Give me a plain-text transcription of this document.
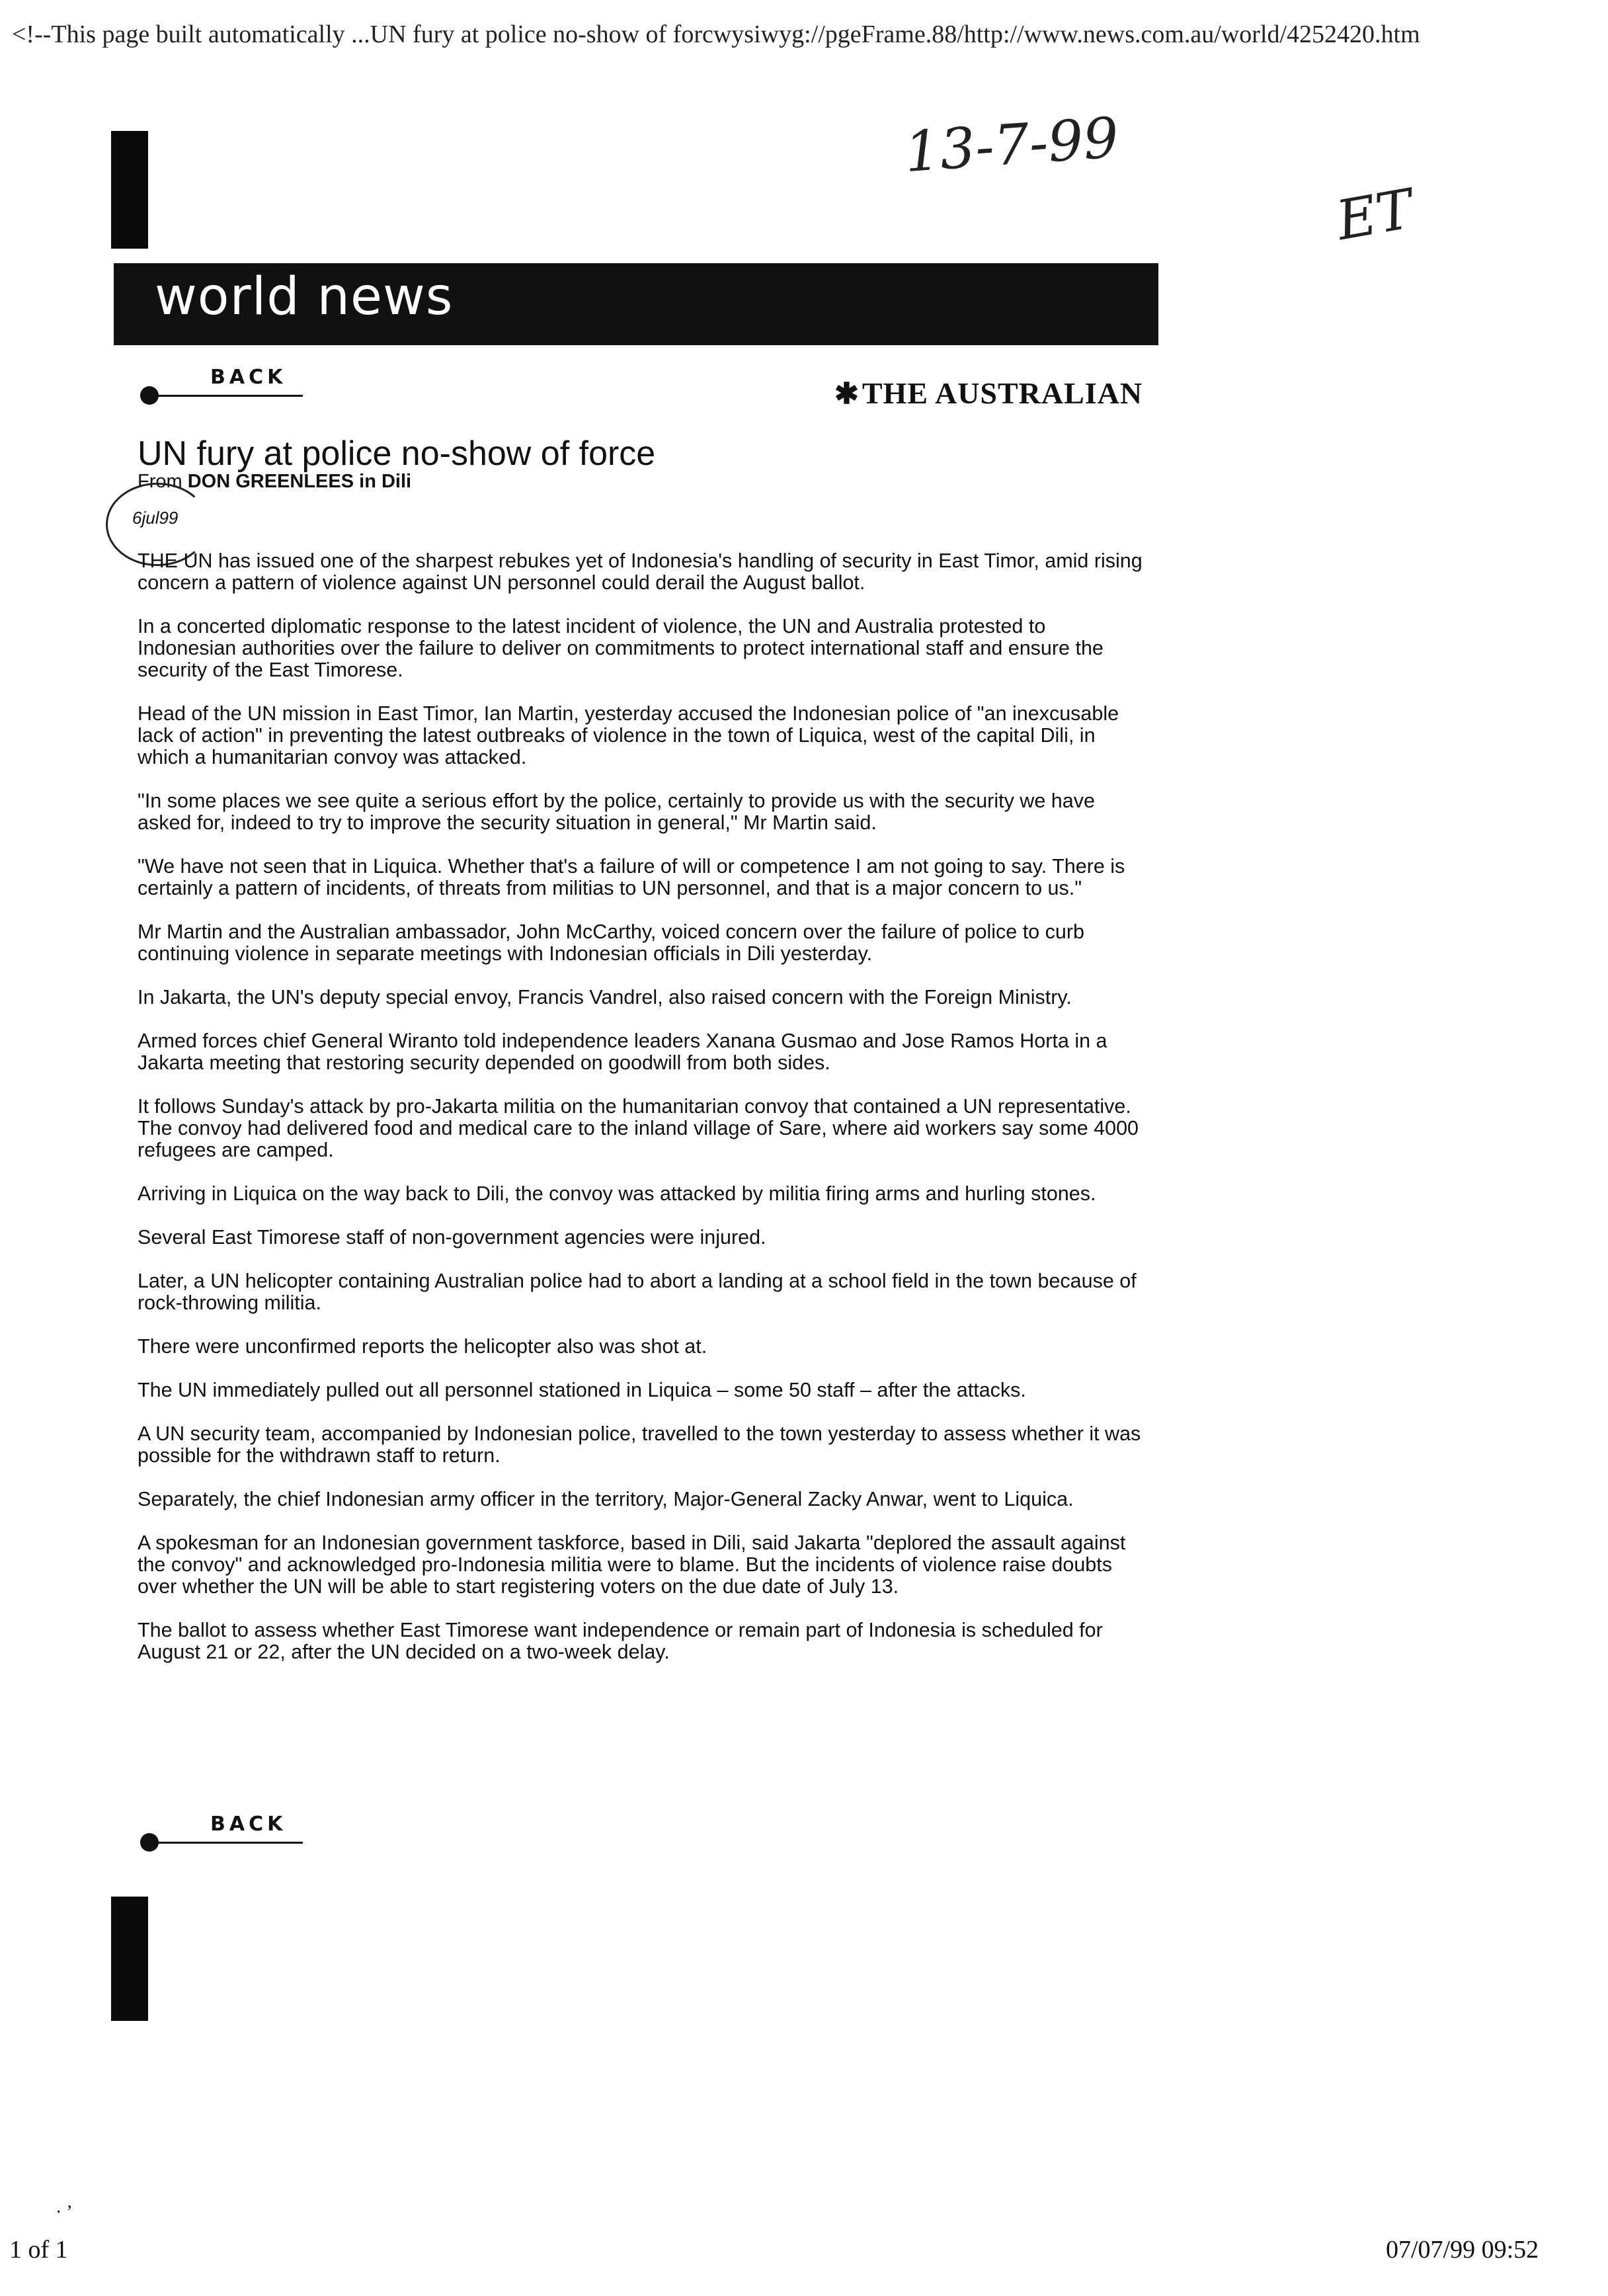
<!--This page built automatically ...UN fury at police no-show of forcwysiwyg://pgeFrame.88/http://www.news.com.au/world/4252420.htm
13-7-99
ET
world news
BACK
✱THE AUSTRALIAN
UN fury at police no-show of force
From DON GREENLEES in Dili
6jul99

THE UN has issued one of the sharpest rebukes yet of Indonesia's handling of security in East Timor, amid rising concern a pattern of violence against UN personnel could derail the August ballot.

In a concerted diplomatic response to the latest incident of violence, the UN and Australia protested to Indonesian authorities over the failure to deliver on commitments to protect international staff and ensure the security of the East Timorese.

Head of the UN mission in East Timor, Ian Martin, yesterday accused the Indonesian police of "an inexcusable lack of action" in preventing the latest outbreaks of violence in the town of Liquica, west of the capital Dili, in which a humanitarian convoy was attacked.

"In some places we see quite a serious effort by the police, certainly to provide us with the security we have asked for, indeed to try to improve the security situation in general," Mr Martin said.

"We have not seen that in Liquica. Whether that's a failure of will or competence I am not going to say. There is certainly a pattern of incidents, of threats from militias to UN personnel, and that is a major concern to us."

Mr Martin and the Australian ambassador, John McCarthy, voiced concern over the failure of police to curb continuing violence in separate meetings with Indonesian officials in Dili yesterday.

In Jakarta, the UN's deputy special envoy, Francis Vandrel, also raised concern with the Foreign Ministry.

Armed forces chief General Wiranto told independence leaders Xanana Gusmao and Jose Ramos Horta in a Jakarta meeting that restoring security depended on goodwill from both sides.

It follows Sunday's attack by pro-Jakarta militia on the humanitarian convoy that contained a UN representative. The convoy had delivered food and medical care to the inland village of Sare, where aid workers say some 4000 refugees are camped.

Arriving in Liquica on the way back to Dili, the convoy was attacked by militia firing arms and hurling stones.

Several East Timorese staff of non-government agencies were injured.

Later, a UN helicopter containing Australian police had to abort a landing at a school field in the town because of rock-throwing militia.

There were unconfirmed reports the helicopter also was shot at.

The UN immediately pulled out all personnel stationed in Liquica – some 50 staff – after the attacks.

A UN security team, accompanied by Indonesian police, travelled to the town yesterday to assess whether it was possible for the withdrawn staff to return.

Separately, the chief Indonesian army officer in the territory, Major-General Zacky Anwar, went to Liquica.

A spokesman for an Indonesian government taskforce, based in Dili, said Jakarta "deplored the assault against the convoy" and acknowledged pro-Indonesia militia were to blame. But the incidents of violence raise doubts over whether the UN will be able to start registering voters on the due date of July 13.

The ballot to assess whether East Timorese want independence or remain part of Indonesia is scheduled for August 21 or 22, after the UN decided on a two-week delay.

BACK
· ’
1 of 1	07/07/99 09:52
